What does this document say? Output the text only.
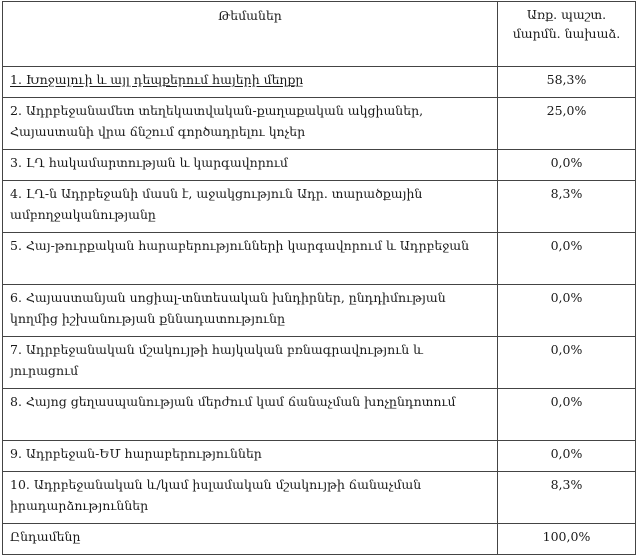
Թեմաներ	Առք. պաշտ. մարմն. նախաձ.
1. Խոջալուի և այլ դեպքերում հայերի մեղքը	58,3%
2. Ադրբեջանամետ տեղեկատվական-քաղաքական ակցիաներ, Հայաստանի վրա ճնշում գործադրելու կոչեր	25,0%
3. ԼՂ հակամարտության և կարգավորում	0,0%
4. ԼՂ-ն Ադրբեջանի մասն է, աջակցություն Ադր. տարածքային ամբողջականությանը	8,3%
5. Հայ-թուրքական հարաբերությունների կարգավորում և Ադրբեջան	0,0%
6. Հայաստանյան սոցիալ-տնտեսական խնդիրներ, ընդդիմության կողմից իշխանության քննադատությունը	0,0%
7. Ադրբեջանական մշակույթի հայկական բռնագրավություն և յուրացում	0,0%
8. Հայոց ցեղասպանության մերժում կամ ճանաչման խոչընդոտում	0,0%
9. Ադրբեջան-ԵՄ հարաբերություններ	0,0%
10. Ադրբեջանական և/կամ իսլամական մշակույթի ճանաչման իրադարձություններ	8,3%
Ընդամենը	100,0%
